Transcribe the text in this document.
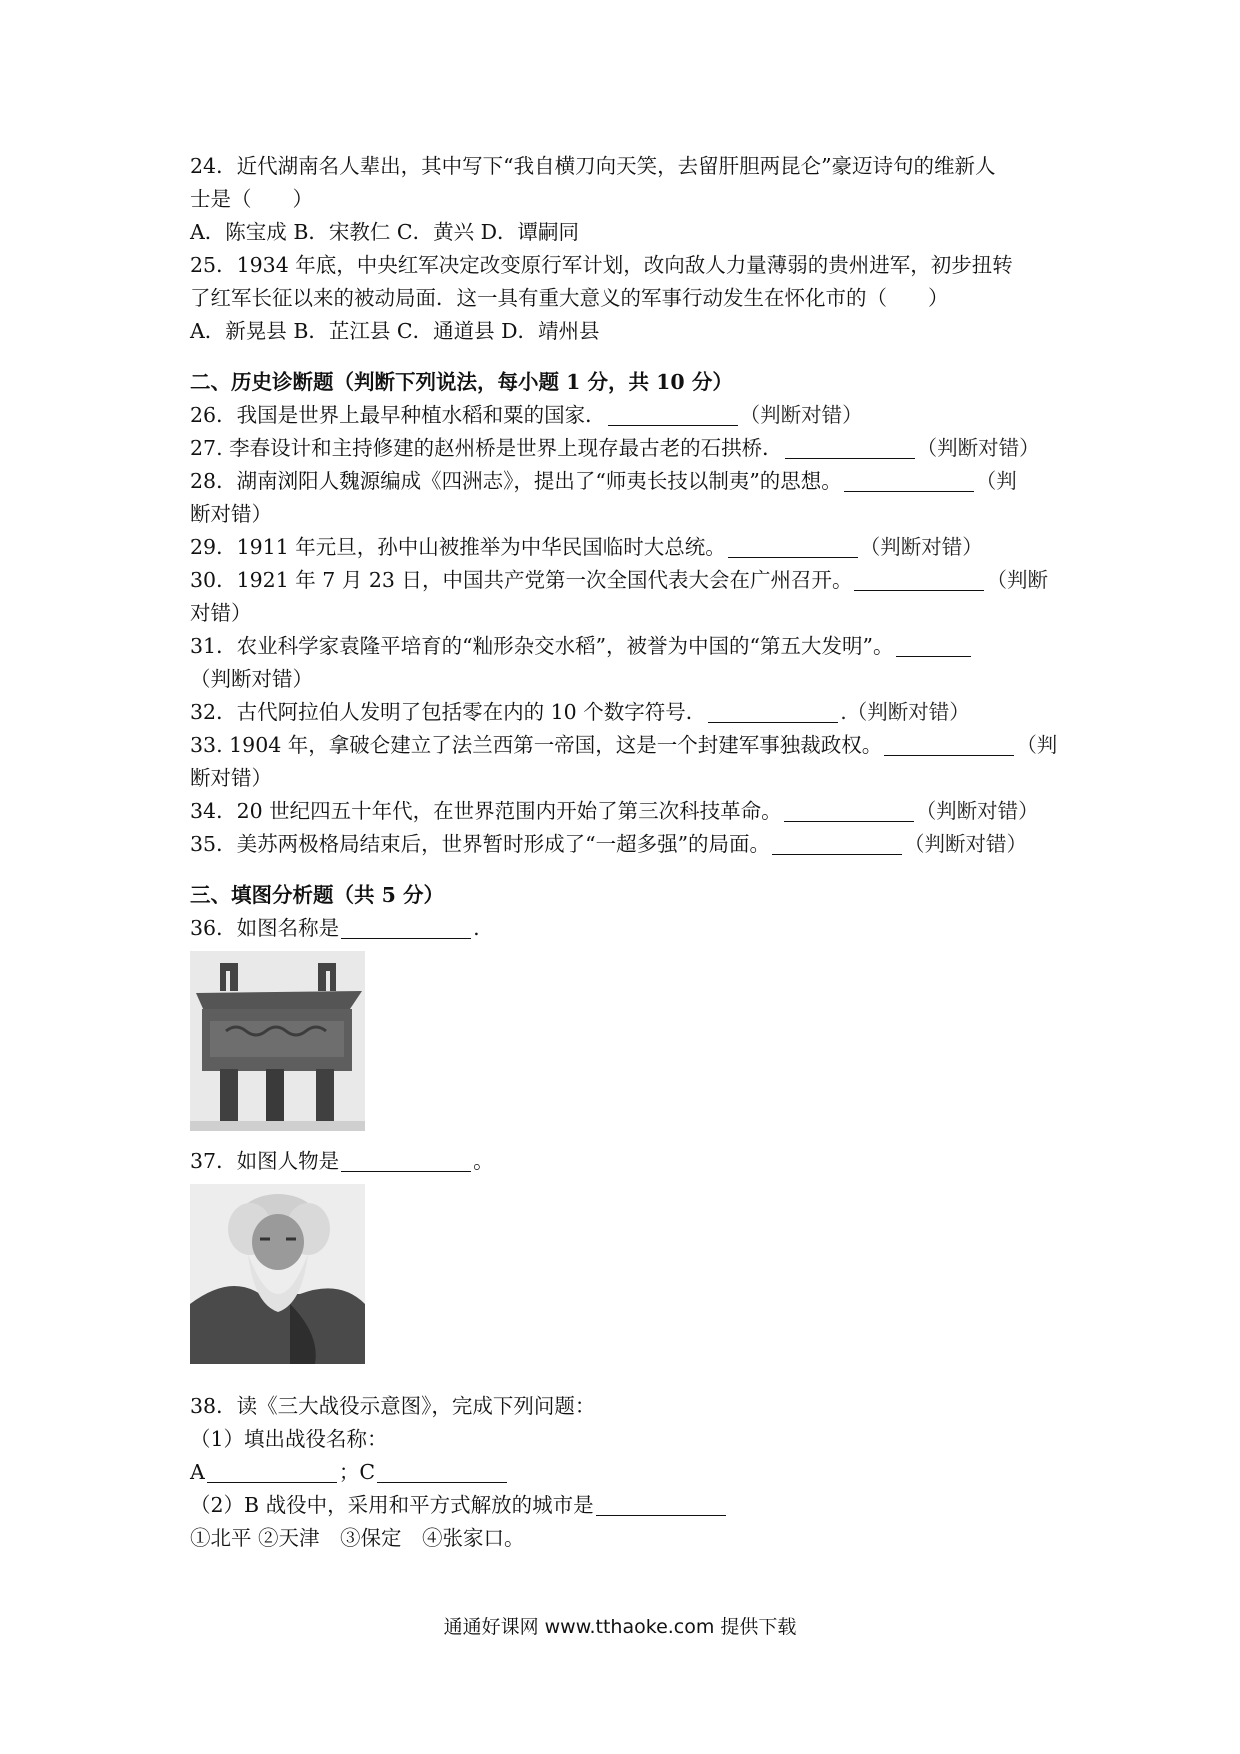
24．近代湖南名人辈出，其中写下“我自横刀向天笑，去留肝胆两昆仑”豪迈诗句的维新人

士是（　　）

A．陈宝成 B．宋教仁 C．黄兴 D．谭嗣同

25．1934 年底，中央红军决定改变原行军计划，改向敌人力量薄弱的贵州进军，初步扭转

了红军长征以来的被动局面．这一具有重大意义的军事行动发生在怀化市的（　　）

A．新晃县 B．芷江县 C．通道县 D．靖州县

二、历史诊断题（判断下列说法，每小题 1 分，共 10 分）

26．我国是世界上最早种植水稻和粟的国家．	（判断对错）

27. 李春设计和主持修建的赵州桥是世界上现存最古老的石拱桥．	（判断对错）

28．湖南浏阳人魏源编成《四洲志》，提出了“师夷长技以制夷”的思想。	（判

断对错）

29．1911 年元旦，孙中山被推举为中华民国临时大总统。	（判断对错）

30．1921 年 7 月 23 日，中国共产党第一次全国代表大会在广州召开。	（判断

对错）

31．农业科学家袁隆平培育的“籼形杂交水稻”，被誉为中国的“第五大发明”。

（判断对错）

32．古代阿拉伯人发明了包括零在内的 10 个数字符号．	.（判断对错）

33. 1904 年，拿破仑建立了法兰西第一帝国，这是一个封建军事独裁政权。	（判

断对错）

34．20 世纪四五十年代，在世界范围内开始了第三次科技革命。	（判断对错）

35．美苏两极格局结束后，世界暂时形成了“一超多强”的局面。	（判断对错）

三、填图分析题（共 5 分）

36．如图名称是	.

37．如图人物是	。

38．读《三大战役示意图》，完成下列问题：

（1）填出战役名称：

A	；C

（2）B 战役中，采用和平方式解放的城市是

①北平 ②天津　③保定　④张家口。

通通好课网 www.tthaoke.com 提供下载
